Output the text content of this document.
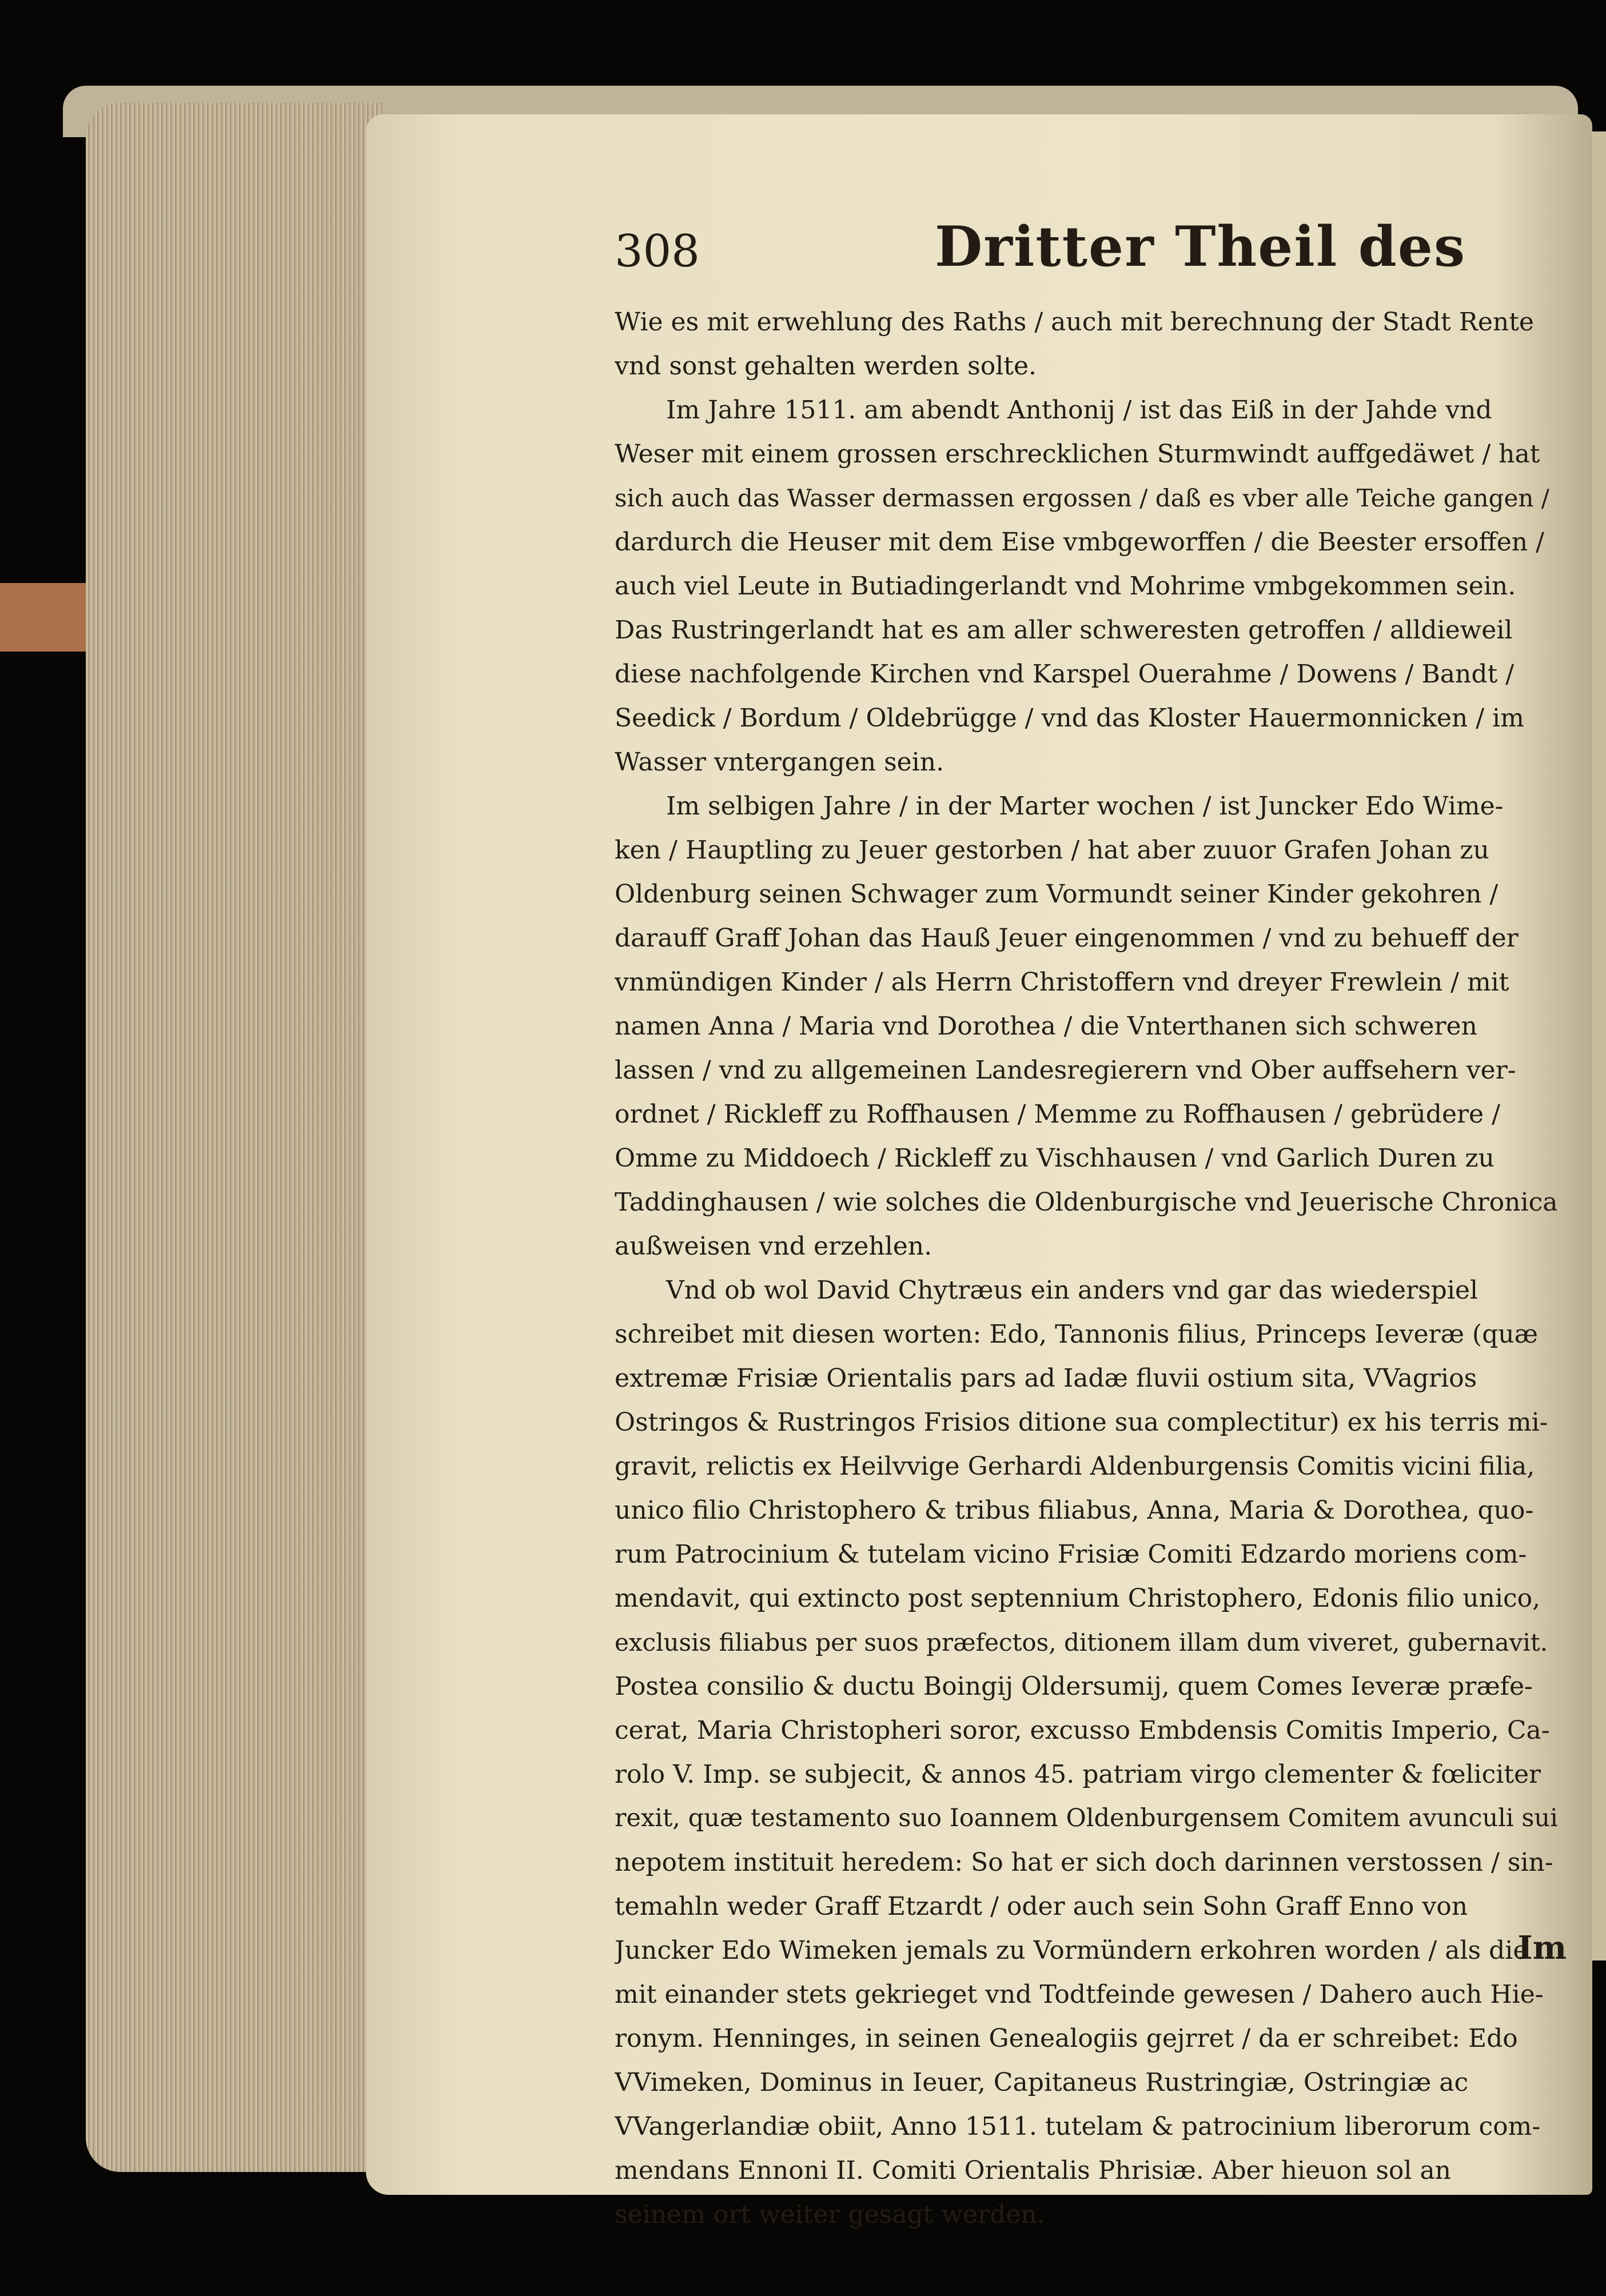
308	Dritter Theil des

Wie es mit erwehlung des Raths / auch mit berechnung der Stadt Rente
vnd sonst gehalten werden solte.

Im Jahre 1511. am abendt Anthonij / ist das Eiß in der Jahde vnd
Weser mit einem grossen erschrecklichen Sturmwindt auffgedäwet / hat
sich auch das Wasser dermassen ergossen / daß es vber alle Teiche gangen /
dardurch die Heuser mit dem Eise vmbgeworffen / die Beester ersoffen /
auch viel Leute in Butiadingerlandt vnd Mohrime vmbgekommen sein.
Das Rustringerlandt hat es am aller schweresten getroffen / alldieweil
diese nachfolgende Kirchen vnd Karspel Ouerahme / Dowens / Bandt /
Seedick / Bordum / Oldebrügge / vnd das Kloster Hauermonnicken / im
Wasser vntergangen sein.

Im selbigen Jahre / in der Marter wochen / ist Juncker Edo Wime-
ken / Hauptling zu Jeuer gestorben / hat aber zuuor Grafen Johan zu
Oldenburg seinen Schwager zum Vormundt seiner Kinder gekohren /
darauff Graff Johan das Hauß Jeuer eingenommen / vnd zu behueff der
vnmündigen Kinder / als Herrn Christoffern vnd dreyer Frewlein / mit
namen Anna / Maria vnd Dorothea / die Vnterthanen sich schweren
lassen / vnd zu allgemeinen Landesregierern vnd Ober auffsehern ver-
ordnet / Rickleff zu Roffhausen / Memme zu Roffhausen / gebrüdere /
Omme zu Middoech / Rickleff zu Vischhausen / vnd Garlich Duren zu
Taddinghausen / wie solches die Oldenburgische vnd Jeuerische Chronica
außweisen vnd erzehlen.

Vnd ob wol David Chytræus ein anders vnd gar das wiederspiel
schreibet mit diesen worten: Edo, Tannonis filius, Princeps Ieveræ (quæ
extremæ Frisiæ Orientalis pars ad Iadæ fluvii ostium sita, VVagrios
Ostringos & Rustringos Frisios ditione sua complectitur) ex his terris mi-
gravit, relictis ex Heilvvige Gerhardi Aldenburgensis Comitis vicini filia,
unico filio Christophero & tribus filiabus, Anna, Maria & Dorothea, quo-
rum Patrocinium & tutelam vicino Frisiæ Comiti Edzardo moriens com-
mendavit, qui extincto post septennium Christophero, Edonis filio unico,
exclusis filiabus per suos præfectos, ditionem illam dum viveret, gubernavit.
Postea consilio & ductu Boingij Oldersumij, quem Comes Ieveræ præfe-
cerat, Maria Christopheri soror, excusso Embdensis Comitis Imperio, Ca-
rolo V. Imp. se subjecit, & annos 45. patriam virgo clementer & fœliciter
rexit, quæ testamento suo Ioannem Oldenburgensem Comitem avunculi sui
nepotem instituit heredem: So hat er sich doch darinnen verstossen / sin-
temahln weder Graff Etzardt / oder auch sein Sohn Graff Enno von
Juncker Edo Wimeken jemals zu Vormündern erkohren worden / als die
mit einander stets gekrieget vnd Todtfeinde gewesen / Dahero auch Hie-
ronym. Henninges, in seinen Genealogiis gejrret / da er schreibet: Edo
VVimeken, Dominus in Ieuer, Capitaneus Rustringiæ, Ostringiæ ac
VVangerlandiæ obiit, Anno 1511. tutelam & patrocinium liberorum com-
mendans Ennoni II. Comiti Orientalis Phrisiæ. Aber hieuon sol an
seinem ort weiter gesagt werden.

Im
